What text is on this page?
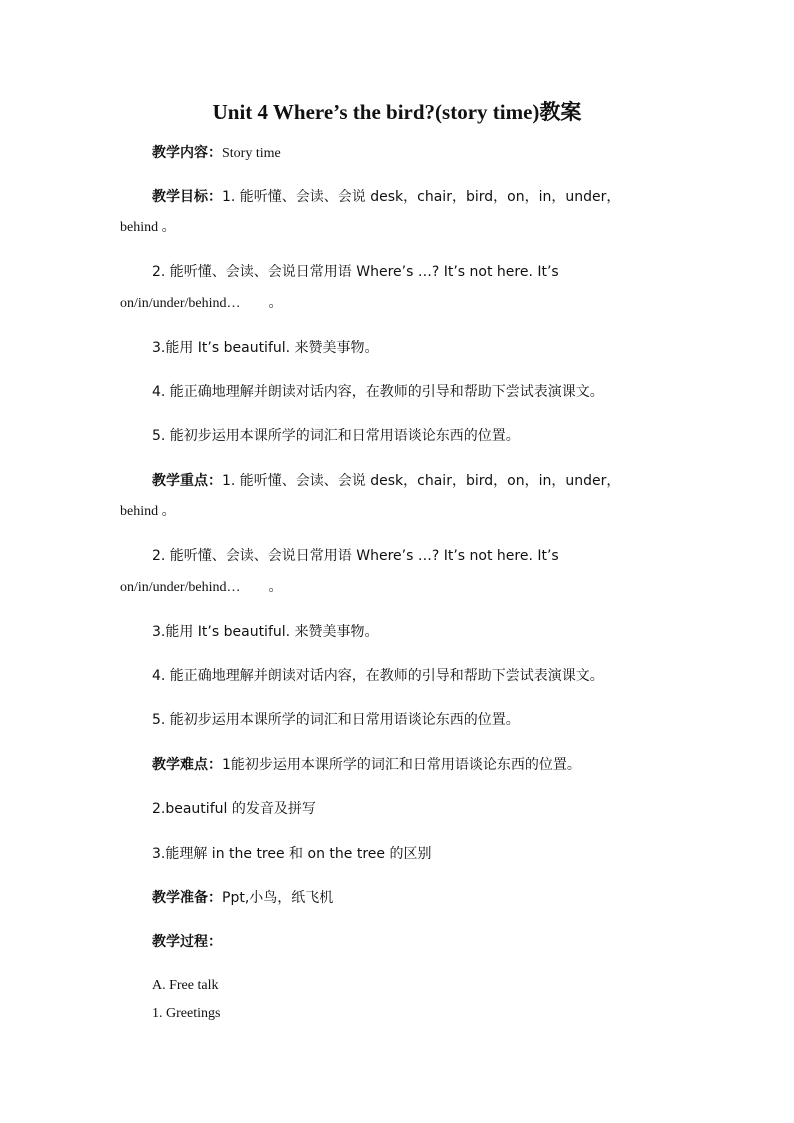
Unit 4 Where’s the bird?(story time)教案
教学内容：Story time
教学目标：1. 能听懂、会读、会说 desk，chair，bird，on，in，under，
behind 。
2. 能听懂、会读、会说日常用语 Where’s …? It’s not here. It’s
on/in/under/behind…　　。
3.能用 It’s beautiful. 来赞美事物。
4. 能正确地理解并朗读对话内容，在教师的引导和帮助下尝试表演课文。
5. 能初步运用本课所学的词汇和日常用语谈论东西的位置。
教学重点：1. 能听懂、会读、会说 desk，chair，bird，on，in，under，
behind 。
2. 能听懂、会读、会说日常用语 Where’s …? It’s not here. It’s
on/in/under/behind…　　。
3.能用 It’s beautiful. 来赞美事物。
4. 能正确地理解并朗读对话内容，在教师的引导和帮助下尝试表演课文。
5. 能初步运用本课所学的词汇和日常用语谈论东西的位置。
教学难点：1能初步运用本课所学的词汇和日常用语谈论东西的位置。
2.beautiful 的发音及拼写
3.能理解 in the tree 和 on the tree 的区别
教学准备：Ppt,小鸟，纸飞机
教学过程：
A. Free talk
1. Greetings
